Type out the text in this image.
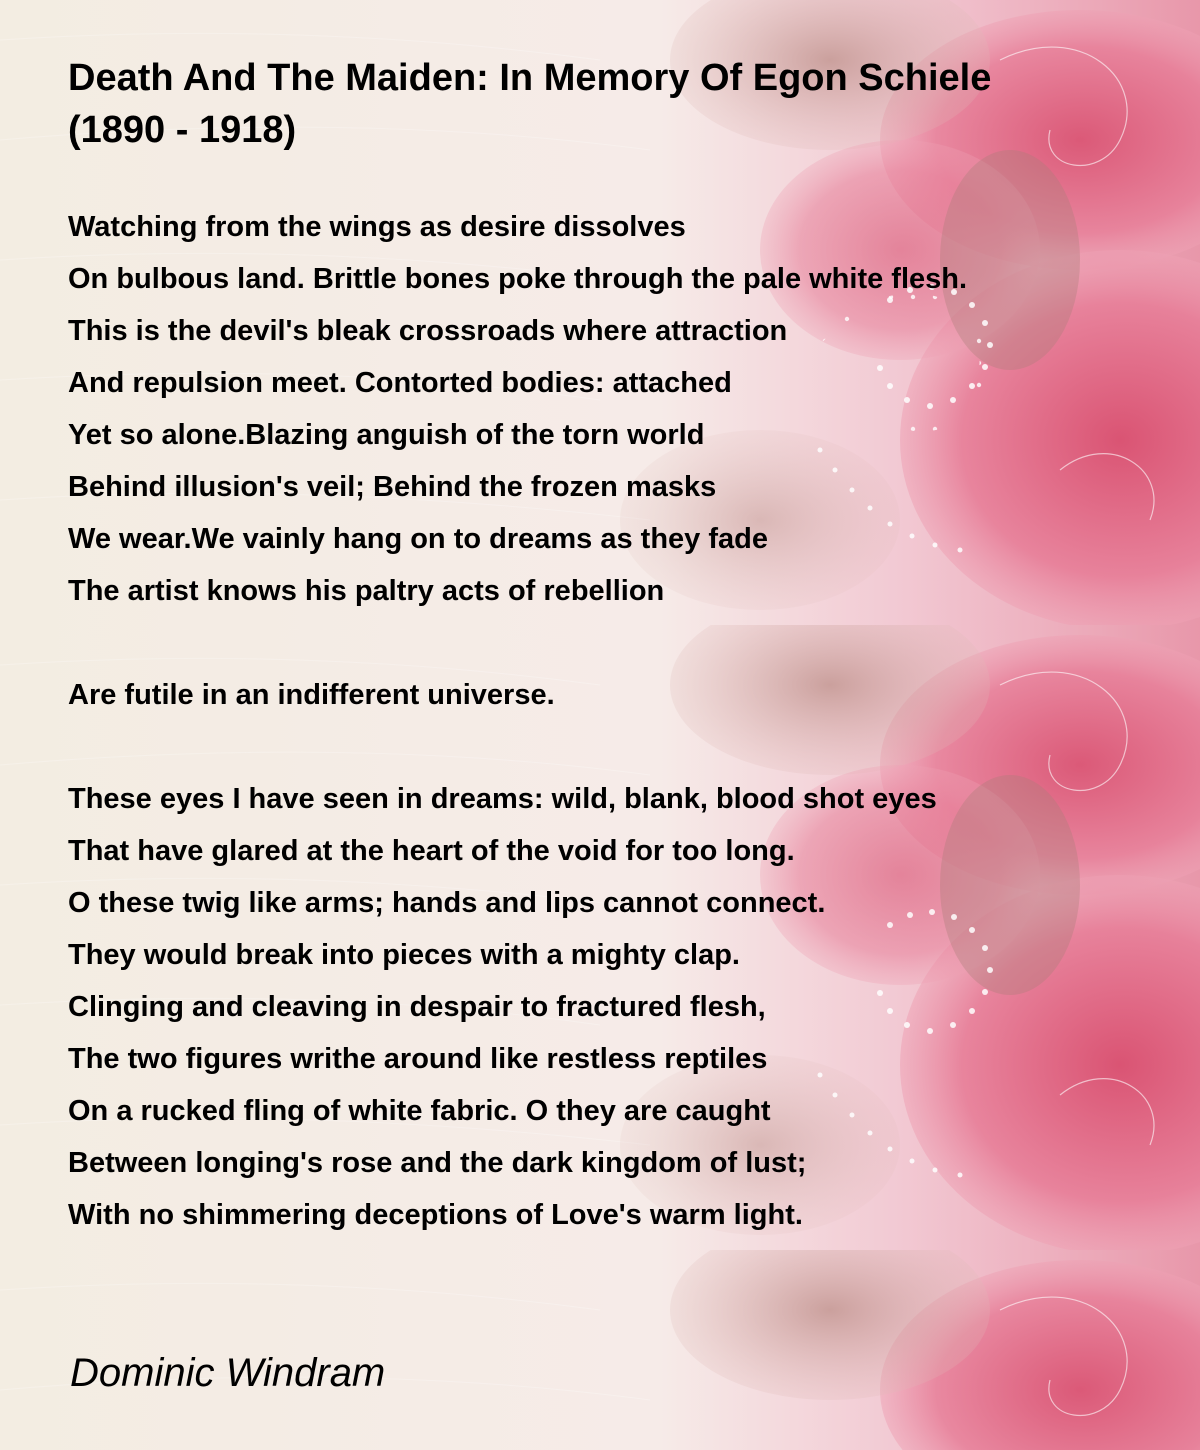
Death And The Maiden: In Memory Of Egon Schiele
(1890 - 1918)
Watching from the wings as desire dissolves
On bulbous land. Brittle bones poke through the pale white flesh.
This is the devil's bleak crossroads where attraction
And repulsion meet. Contorted bodies: attached
Yet so alone.Blazing anguish of the torn world
Behind illusion's veil; Behind the frozen masks
We wear.We vainly hang on to dreams as they fade
The artist knows his paltry acts of rebellion
Are futile in an indifferent universe.
These eyes I have seen in dreams: wild, blank, blood shot eyes
That have glared at the heart of the void for too long.
O these twig like arms; hands and lips cannot connect.
They would break into pieces with a mighty clap.
Clinging and cleaving in despair to fractured flesh,
The two figures writhe around like restless reptiles
On a rucked fling of white fabric. O they are caught
Between longing's rose and the dark kingdom of lust;
With no shimmering deceptions of Love's warm light.
Dominic Windram
